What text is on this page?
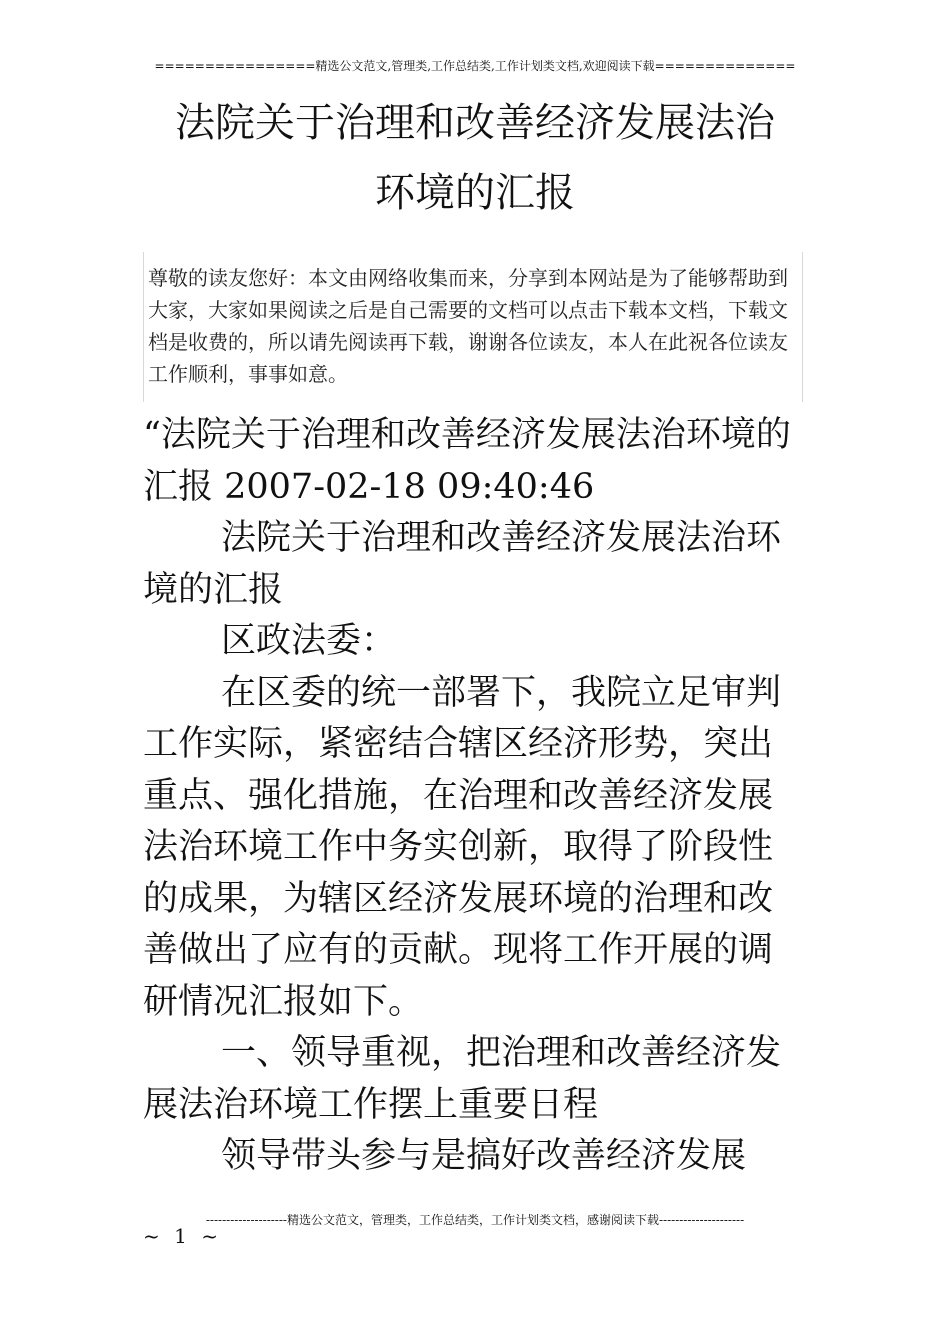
================精选公文范文,管理类,工作总结类,工作计划类文档,欢迎阅读下载==============
法院关于治理和改善经济发展法治
环境的汇报
尊敬的读友您好：本文由网络收集而来，分享到本网站是为了能够帮助到大家，大家如果阅读之后是自己需要的文档可以点击下载本文档，下载文档是收费的，所以请先阅读再下载，谢谢各位读友，本人在此祝各位读友工作顺利，事事如意。

“法院关于治理和改善经济发展法治环境的汇报 2007-02-18 09:40:46

法院关于治理和改善经济发展法治环境的汇报

区政法委：

在区委的统一部署下，我院立足审判工作实际，紧密结合辖区经济形势，突出重点、强化措施，在治理和改善经济发展法治环境工作中务实创新，取得了阶段性的成果，为辖区经济发展环境的治理和改善做出了应有的贡献。现将工作开展的调研情况汇报如下。

一、领导重视，把治理和改善经济发展法治环境工作摆上重要日程

领导带头参与是搞好改善经济发展

--------------------精选公文范文，管理类，工作总结类，工作计划类文档，感谢阅读下载---------------------
~ 1 ~
